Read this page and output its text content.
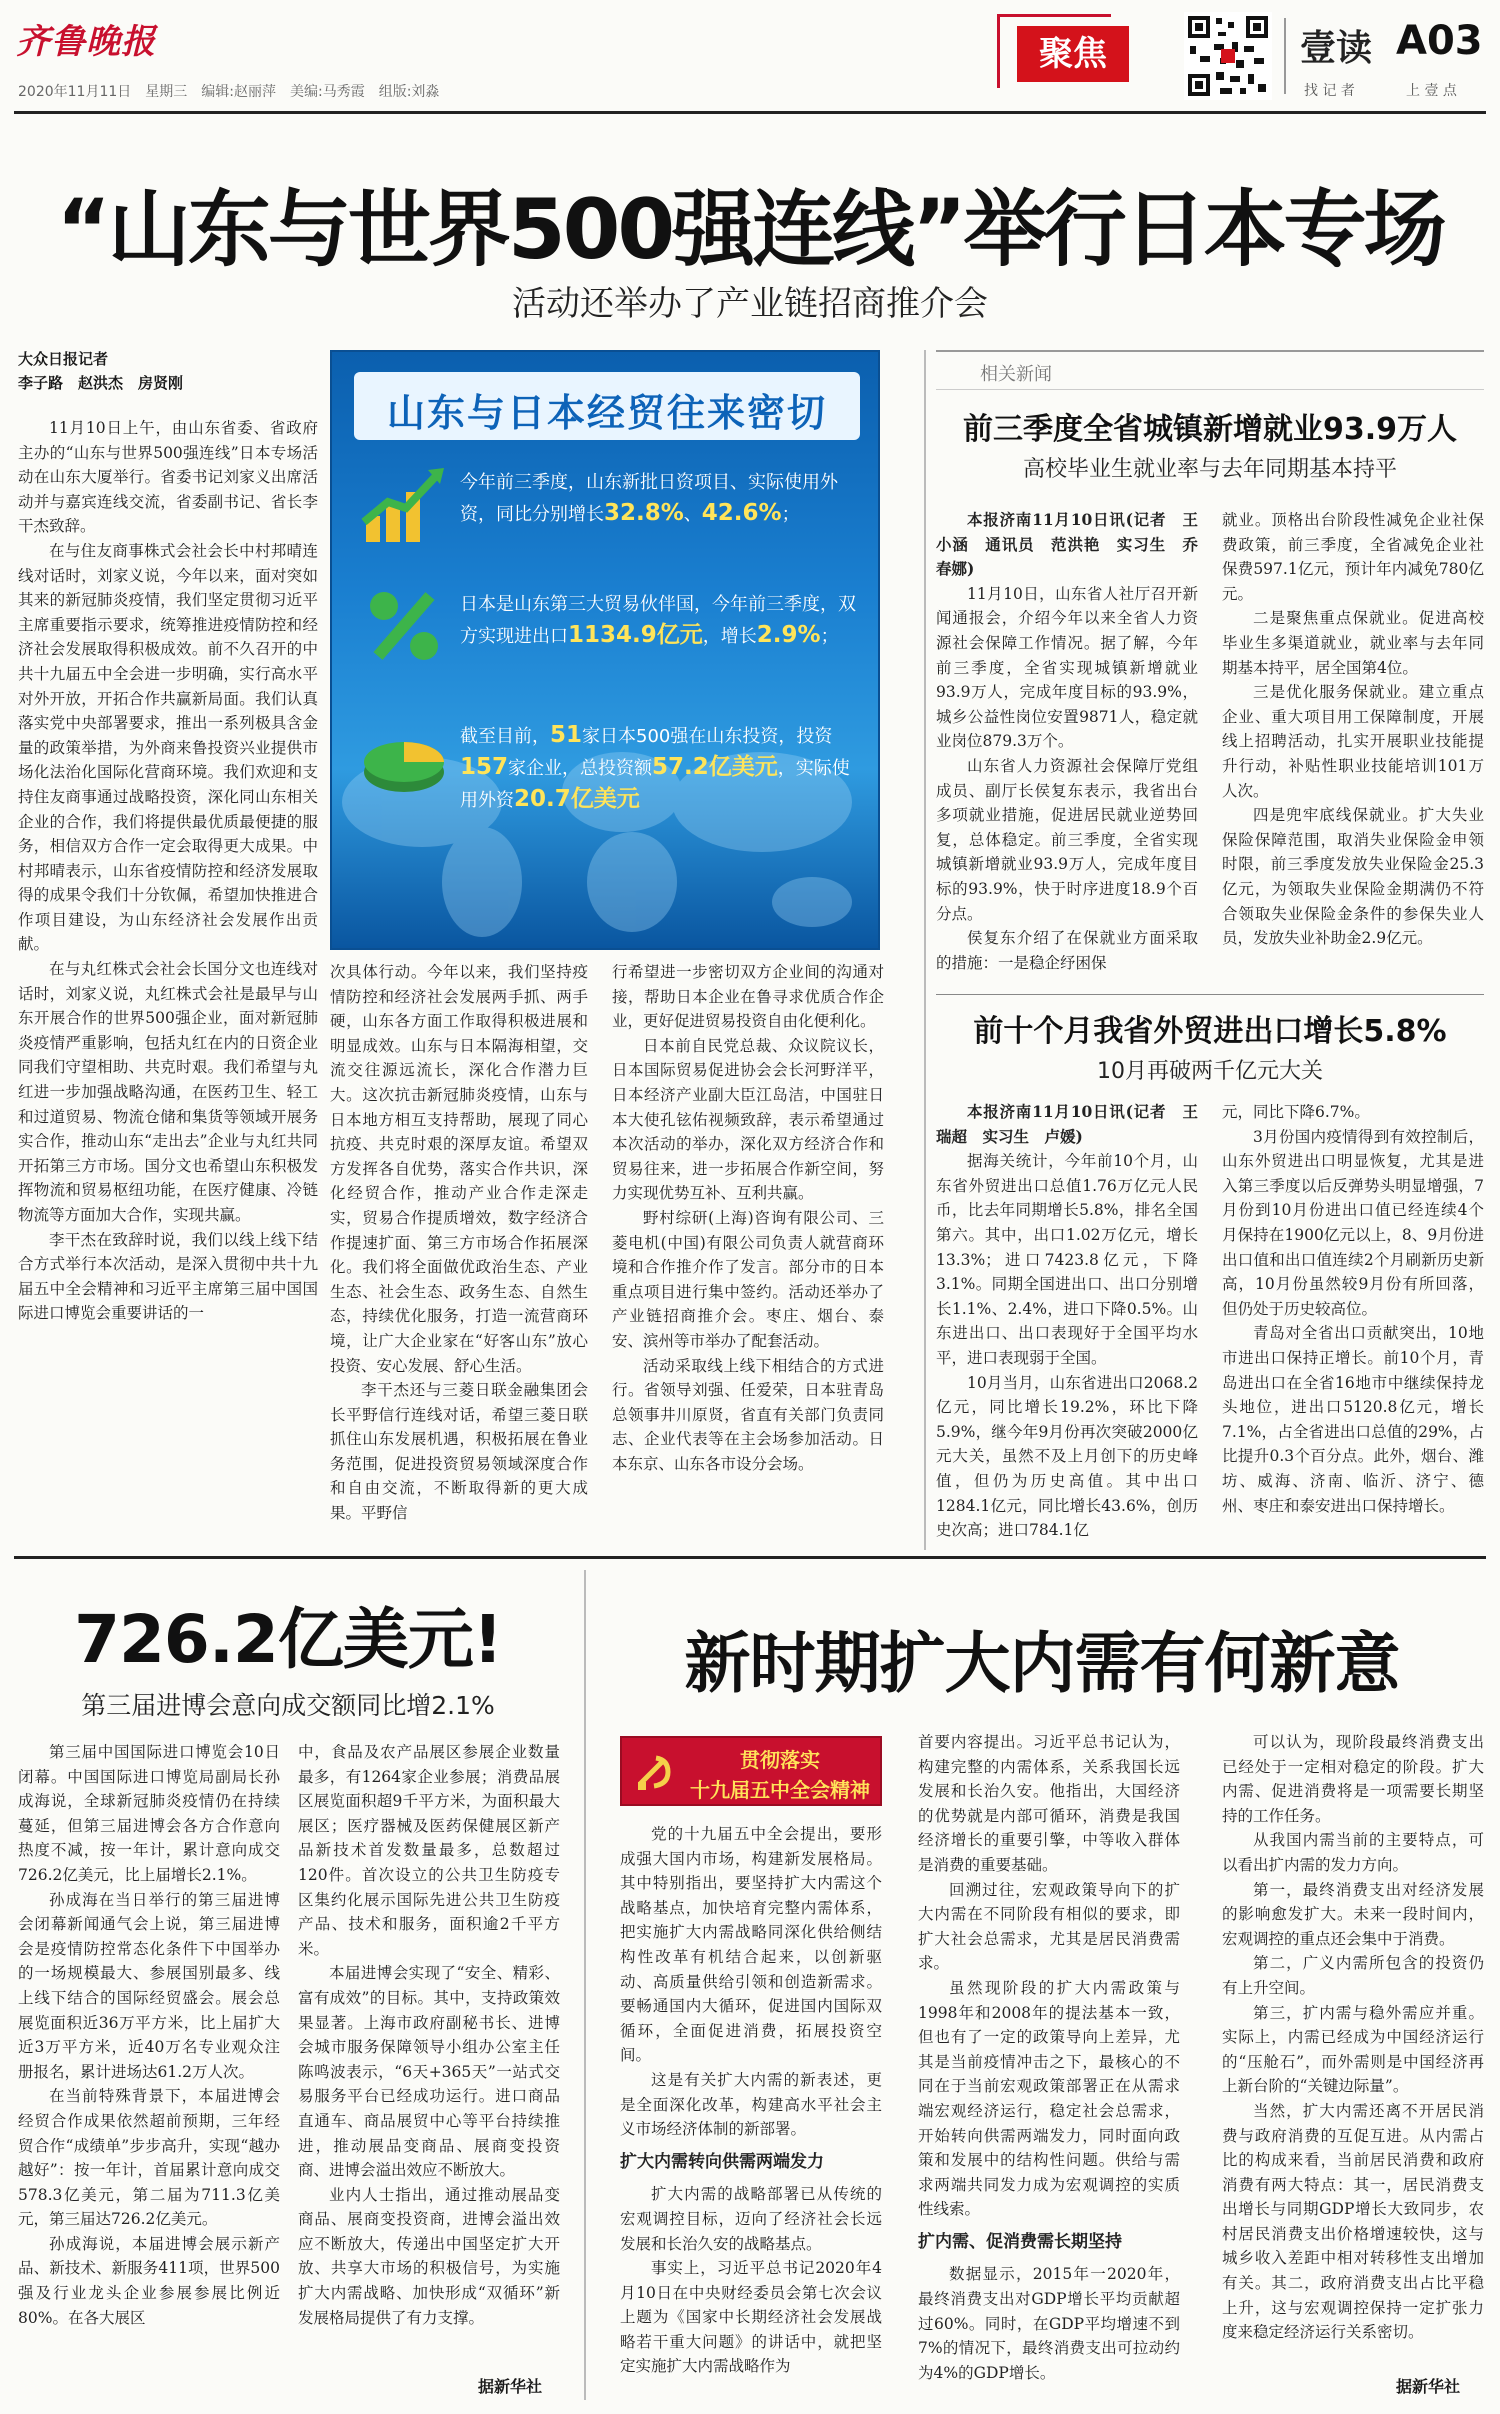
齐鲁晚报
2020年11月11日　星期三　编辑:赵丽萍　美编:马秀霞　组版:刘淼
聚焦	壹读 A03
找 记 者	上 壹 点
“山东与世界500强连线”举行日本专场
活动还举办了产业链招商推介会
大众日报记者
李子路　赵洪杰　房贤刚

11月10日上午，由山东省委、省政府主办的“山东与世界500强连线”日本专场活动在山东大厦举行。省委书记刘家义出席活动并与嘉宾连线交流，省委副书记、省长李干杰致辞。

在与住友商事株式会社会长中村邦晴连线对话时，刘家义说，今年以来，面对突如其来的新冠肺炎疫情，我们坚定贯彻习近平主席重要指示要求，统筹推进疫情防控和经济社会发展取得积极成效。前不久召开的中共十九届五中全会进一步明确，实行高水平对外开放，开拓合作共赢新局面。我们认真落实党中央部署要求，推出一系列极具含金量的政策举措，为外商来鲁投资兴业提供市场化法治化国际化营商环境。我们欢迎和支持住友商事通过战略投资，深化同山东相关企业的合作，我们将提供最优质最便捷的服务，相信双方合作一定会取得更大成果。中村邦晴表示，山东省疫情防控和经济发展取得的成果令我们十分钦佩，希望加快推进合作项目建设，为山东经济社会发展作出贡献。

在与丸红株式会社会长国分文也连线对话时，刘家义说，丸红株式会社是最早与山东开展合作的世界500强企业，面对新冠肺炎疫情严重影响，包括丸红在内的日资企业同我们守望相助、共克时艰。我们希望与丸红进一步加强战略沟通，在医药卫生、轻工和过道贸易、物流仓储和集货等领域开展务实合作，推动山东“走出去”企业与丸红共同开拓第三方市场。国分文也希望山东积极发挥物流和贸易枢纽功能，在医疗健康、冷链物流等方面加大合作，实现共赢。

李干杰在致辞时说，我们以线上线下结合方式举行本次活动，是深入贯彻中共十九届五中全会精神和习近平主席第三届中国国际进口博览会重要讲话的一

山东与日本经贸往来密切
今年前三季度，山东新批日资项目、实际使用外资，同比分别增长32.8%、42.6%；
日本是山东第三大贸易伙伴国，今年前三季度，双方实现进出口1134.9亿元，增长2.9%；
截至目前，51家日本500强在山东投资，投资157家企业，总投资额57.2亿美元，实际使用外资20.7亿美元

次具体行动。今年以来，我们坚持疫情防控和经济社会发展两手抓、两手硬，山东各方面工作取得积极进展和明显成效。山东与日本隔海相望，交流交往源远流长，深化合作潜力巨大。这次抗击新冠肺炎疫情，山东与日本地方相互支持帮助，展现了同心抗疫、共克时艰的深厚友谊。希望双方发挥各自优势，落实合作共识，深化经贸合作，推动产业合作走深走实，贸易合作提质增效，数字经济合作提速扩面、第三方市场合作拓展深化。我们将全面做优政治生态、产业生态、社会生态、政务生态、自然生态，持续优化服务，打造一流营商环境，让广大企业家在“好客山东”放心投资、安心发展、舒心生活。

李干杰还与三菱日联金融集团会长平野信行连线对话，希望三菱日联抓住山东发展机遇，积极拓展在鲁业务范围，促进投资贸易领域深度合作和自由交流，不断取得新的更大成果。平野信

行希望进一步密切双方企业间的沟通对接，帮助日本企业在鲁寻求优质合作企业，更好促进贸易投资自由化便利化。

日本前自民党总裁、众议院议长，日本国际贸易促进协会会长河野洋平，日本经济产业副大臣江岛洁，中国驻日本大使孔铉佑视频致辞，表示希望通过本次活动的举办，深化双方经济合作和贸易往来，进一步拓展合作新空间，努力实现优势互补、互利共赢。

野村综研(上海)咨询有限公司、三菱电机(中国)有限公司负责人就营商环境和合作推介作了发言。部分市的日本重点项目进行集中签约。活动还举办了产业链招商推介会。枣庄、烟台、泰安、滨州等市举办了配套活动。

活动采取线上线下相结合的方式进行。省领导刘强、任爱荣，日本驻青岛总领事井川原贤，省直有关部门负责同志、企业代表等在主会场参加活动。日本东京、山东各市设分会场。

相关新闻
前三季度全省城镇新增就业93.9万人
高校毕业生就业率与去年同期基本持平

本报济南11月10日讯(记者　王小涵　通讯员　范洪艳　实习生　乔春娜)

11月10日，山东省人社厅召开新闻通报会，介绍今年以来全省人力资源社会保障工作情况。据了解，今年前三季度，全省实现城镇新增就业93.9万人，完成年度目标的93.9%，城乡公益性岗位安置9871人，稳定就业岗位879.3万个。

山东省人力资源社会保障厅党组成员、副厅长侯复东表示，我省出台多项就业措施，促进居民就业逆势回复，总体稳定。前三季度，全省实现城镇新增就业93.9万人，完成年度目标的93.9%，快于时序进度18.9个百分点。

侯复东介绍了在保就业方面采取的措施：一是稳企纾困保

就业。顶格出台阶段性减免企业社保费政策，前三季度，全省减免企业社保费597.1亿元，预计年内减免780亿元。

二是聚焦重点保就业。促进高校毕业生多渠道就业，就业率与去年同期基本持平，居全国第4位。

三是优化服务保就业。建立重点企业、重大项目用工保障制度，开展线上招聘活动，扎实开展职业技能提升行动，补贴性职业技能培训101万人次。

四是兜牢底线保就业。扩大失业保险保障范围，取消失业保险金申领时限，前三季度发放失业保险金25.3亿元，为领取失业保险金期满仍不符合领取失业保险金条件的参保失业人员，发放失业补助金2.9亿元。

前十个月我省外贸进出口增长5.8%
10月再破两千亿元大关

本报济南11月10日讯(记者　王瑞超　实习生　卢媛)

据海关统计，今年前10个月，山东省外贸进出口总值1.76万亿元人民币，比去年同期增长5.8%，排名全国第六。其中，出口1.02万亿元，增长13.3%；进口7423.8亿元，下降3.1%。同期全国进出口、出口分别增长1.1%、2.4%，进口下降0.5%。山东进出口、出口表现好于全国平均水平，进口表现弱于全国。

10月当月，山东省进出口2068.2亿元，同比增长19.2%，环比下降5.9%，继今年9月份再次突破2000亿元大关，虽然不及上月创下的历史峰值，但仍为历史高值。其中出口1284.1亿元，同比增长43.6%，创历史次高；进口784.1亿

元，同比下降6.7%。

3月份国内疫情得到有效控制后，山东外贸进出口明显恢复，尤其是进入第三季度以后反弹势头明显增强，7月份到10月份进出口值已经连续4个月保持在1900亿元以上，8、9月份进出口值和出口值连续2个月刷新历史新高，10月份虽然较9月份有所回落，但仍处于历史较高位。

青岛对全省出口贡献突出，10地市进出口保持正增长。前10个月，青岛进出口在全省16地市中继续保持龙头地位，进出口5120.8亿元，增长7.1%，占全省进出口总值的29%，占比提升0.3个百分点。此外，烟台、潍坊、威海、济南、临沂、济宁、德州、枣庄和泰安进出口保持增长。

726.2亿美元!
第三届进博会意向成交额同比增2.1%

第三届中国国际进口博览会10日闭幕。中国国际进口博览局副局长孙成海说，全球新冠肺炎疫情仍在持续蔓延，但第三届进博会各方合作意向热度不减，按一年计，累计意向成交726.2亿美元，比上届增长2.1%。

孙成海在当日举行的第三届进博会闭幕新闻通气会上说，第三届进博会是疫情防控常态化条件下中国举办的一场规模最大、参展国别最多、线上线下结合的国际经贸盛会。展会总展览面积近36万平方米，比上届扩大近3万平方米，近40万名专业观众注册报名，累计进场达61.2万人次。

在当前特殊背景下，本届进博会经贸合作成果依然超前预期，三年经贸合作“成绩单”步步高升，实现“越办越好”：按一年计，首届累计意向成交578.3亿美元，第二届为711.3亿美元，第三届达726.2亿美元。

孙成海说，本届进博会展示新产品、新技术、新服务411项，世界500强及行业龙头企业参展参展比例近80%。在各大展区

中，食品及农产品展区参展企业数量最多，有1264家企业参展；消费品展区展览面积超9千平方米，为面积最大展区；医疗器械及医药保健展区新产品新技术首发数量最多，总数超过120件。首次设立的公共卫生防疫专区集约化展示国际先进公共卫生防疫产品、技术和服务，面积逾2千平方米。

本届进博会实现了“安全、精彩、富有成效”的目标。其中，支持政策效果显著。上海市政府副秘书长、进博会城市服务保障领导小组办公室主任陈鸣波表示，“6天+365天”一站式交易服务平台已经成功运行。进口商品直通车、商品展贸中心等平台持续推进，推动展品变商品、展商变投资商、进博会溢出效应不断放大。

业内人士指出，通过推动展品变商品、展商变投资商，进博会溢出效应不断放大，传递出中国坚定扩大开放、共享大市场的积极信号，为实施扩大内需战略、加快形成“双循环”新发展格局提供了有力支撑。

据新华社
新时期扩大内需有何新意
贯彻落实
十九届五中全会精神

党的十九届五中全会提出，要形成强大国内市场，构建新发展格局。其中特别指出，要坚持扩大内需这个战略基点，加快培育完整内需体系，把实施扩大内需战略同深化供给侧结构性改革有机结合起来，以创新驱动、高质量供给引领和创造新需求。要畅通国内大循环，促进国内国际双循环，全面促进消费，拓展投资空间。

这是有关扩大内需的新表述，更是全面深化改革，构建高水平社会主义市场经济体制的新部署。

扩大内需转向供需两端发力

扩大内需的战略部署已从传统的宏观调控目标，迈向了经济社会长远发展和长治久安的战略基点。

事实上，习近平总书记2020年4月10日在中央财经委员会第七次会议上题为《国家中长期经济社会发展战略若干重大问题》的讲话中，就把坚定实施扩大内需战略作为

首要内容提出。习近平总书记认为，构建完整的内需体系，关系我国长远发展和长治久安。他指出，大国经济的优势就是内部可循环，消费是我国经济增长的重要引擎，中等收入群体是消费的重要基础。

回溯过往，宏观政策导向下的扩大内需在不同阶段有相似的要求，即扩大社会总需求，尤其是居民消费需求。

虽然现阶段的扩大内需政策与1998年和2008年的提法基本一致，但也有了一定的政策导向上差异，尤其是当前疫情冲击之下，最核心的不同在于当前宏观政策部署正在从需求端宏观经济运行，稳定社会总需求，开始转向供需两端发力，同时面向政策和发展中的结构性问题。供给与需求两端共同发力成为宏观调控的实质性线索。

扩内需、促消费需长期坚持

数据显示，2015年一2020年，最终消费支出对GDP增长平均贡献超过60%。同时，在GDP平均增速不到7%的情况下，最终消费支出可拉动约为4%的GDP增长。

可以认为，现阶段最终消费支出已经处于一定相对稳定的阶段。扩大内需、促进消费将是一项需要长期坚持的工作任务。

从我国内需当前的主要特点，可以看出扩内需的发力方向。

第一，最终消费支出对经济发展的影响愈发扩大。未来一段时间内，宏观调控的重点还会集中于消费。

第二，广义内需所包含的投资仍有上升空间。

第三，扩内需与稳外需应并重。实际上，内需已经成为中国经济运行的“压舱石”，而外需则是中国经济再上新台阶的“关键边际量”。

当然，扩大内需还离不开居民消费与政府消费的互促互进。从内需占比的构成来看，当前居民消费和政府消费有两大特点：其一，居民消费支出增长与同期GDP增长大致同步，农村居民消费支出价格增速较快，这与城乡收入差距中相对转移性支出增加有关。其二，政府消费支出占比平稳上升，这与宏观调控保持一定扩张力度来稳定经济运行关系密切。

据新华社
